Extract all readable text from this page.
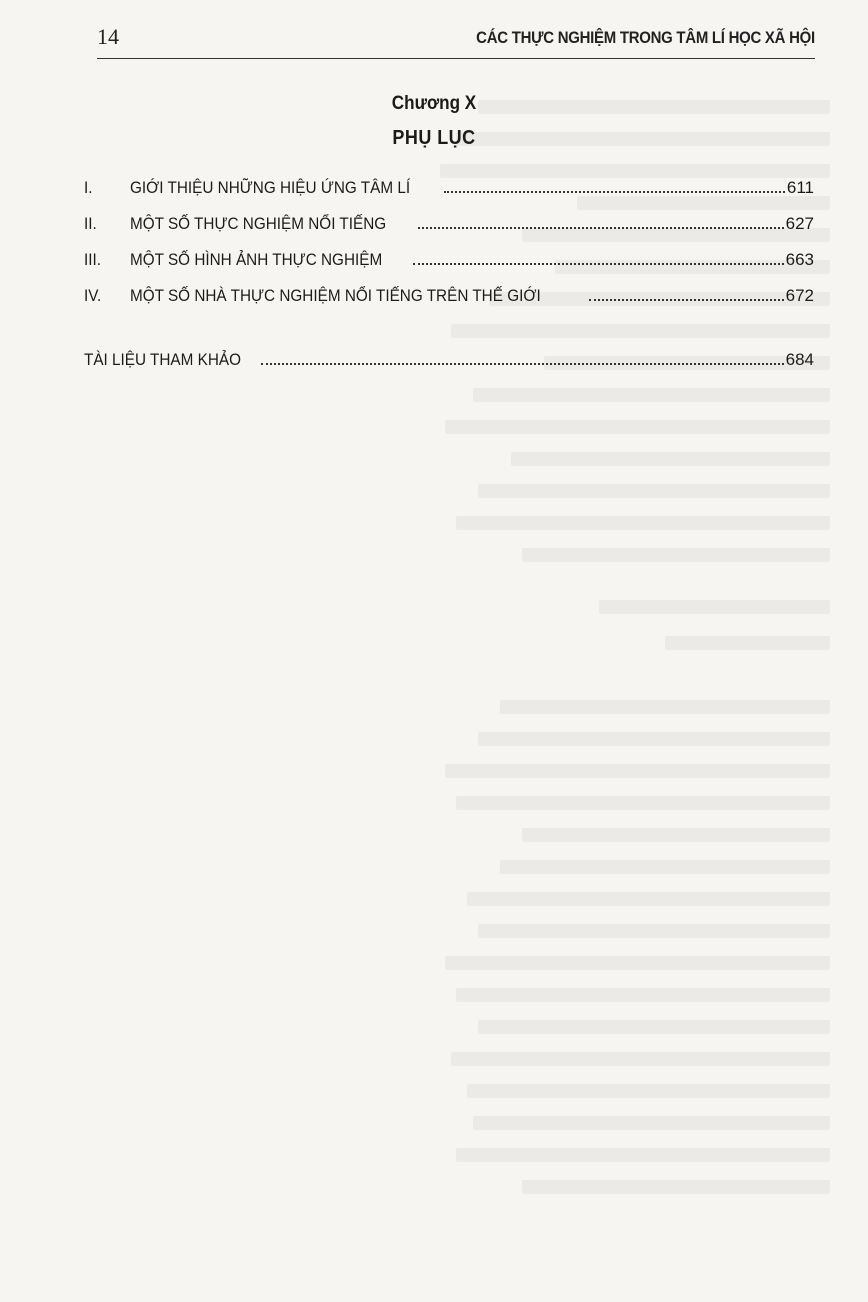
14	CÁC THỰC NGHIỆM TRONG TÂM LÍ HỌC XÃ HỘI
Chương X
PHỤ LỤC
I.	GIỚI THIỆU NHỮNG HIỆU ỨNG TÂM LÍ	611
II.	MỘT SỐ THỰC NGHIỆM NỔI TIẾNG	627
III.	MỘT SỐ HÌNH ẢNH THỰC NGHIỆM	663
IV.	MỘT SỐ NHÀ THỰC NGHIỆM NỔI TIẾNG TRÊN THẾ GIỚI	672
TÀI LIỆU THAM KHẢO	684
